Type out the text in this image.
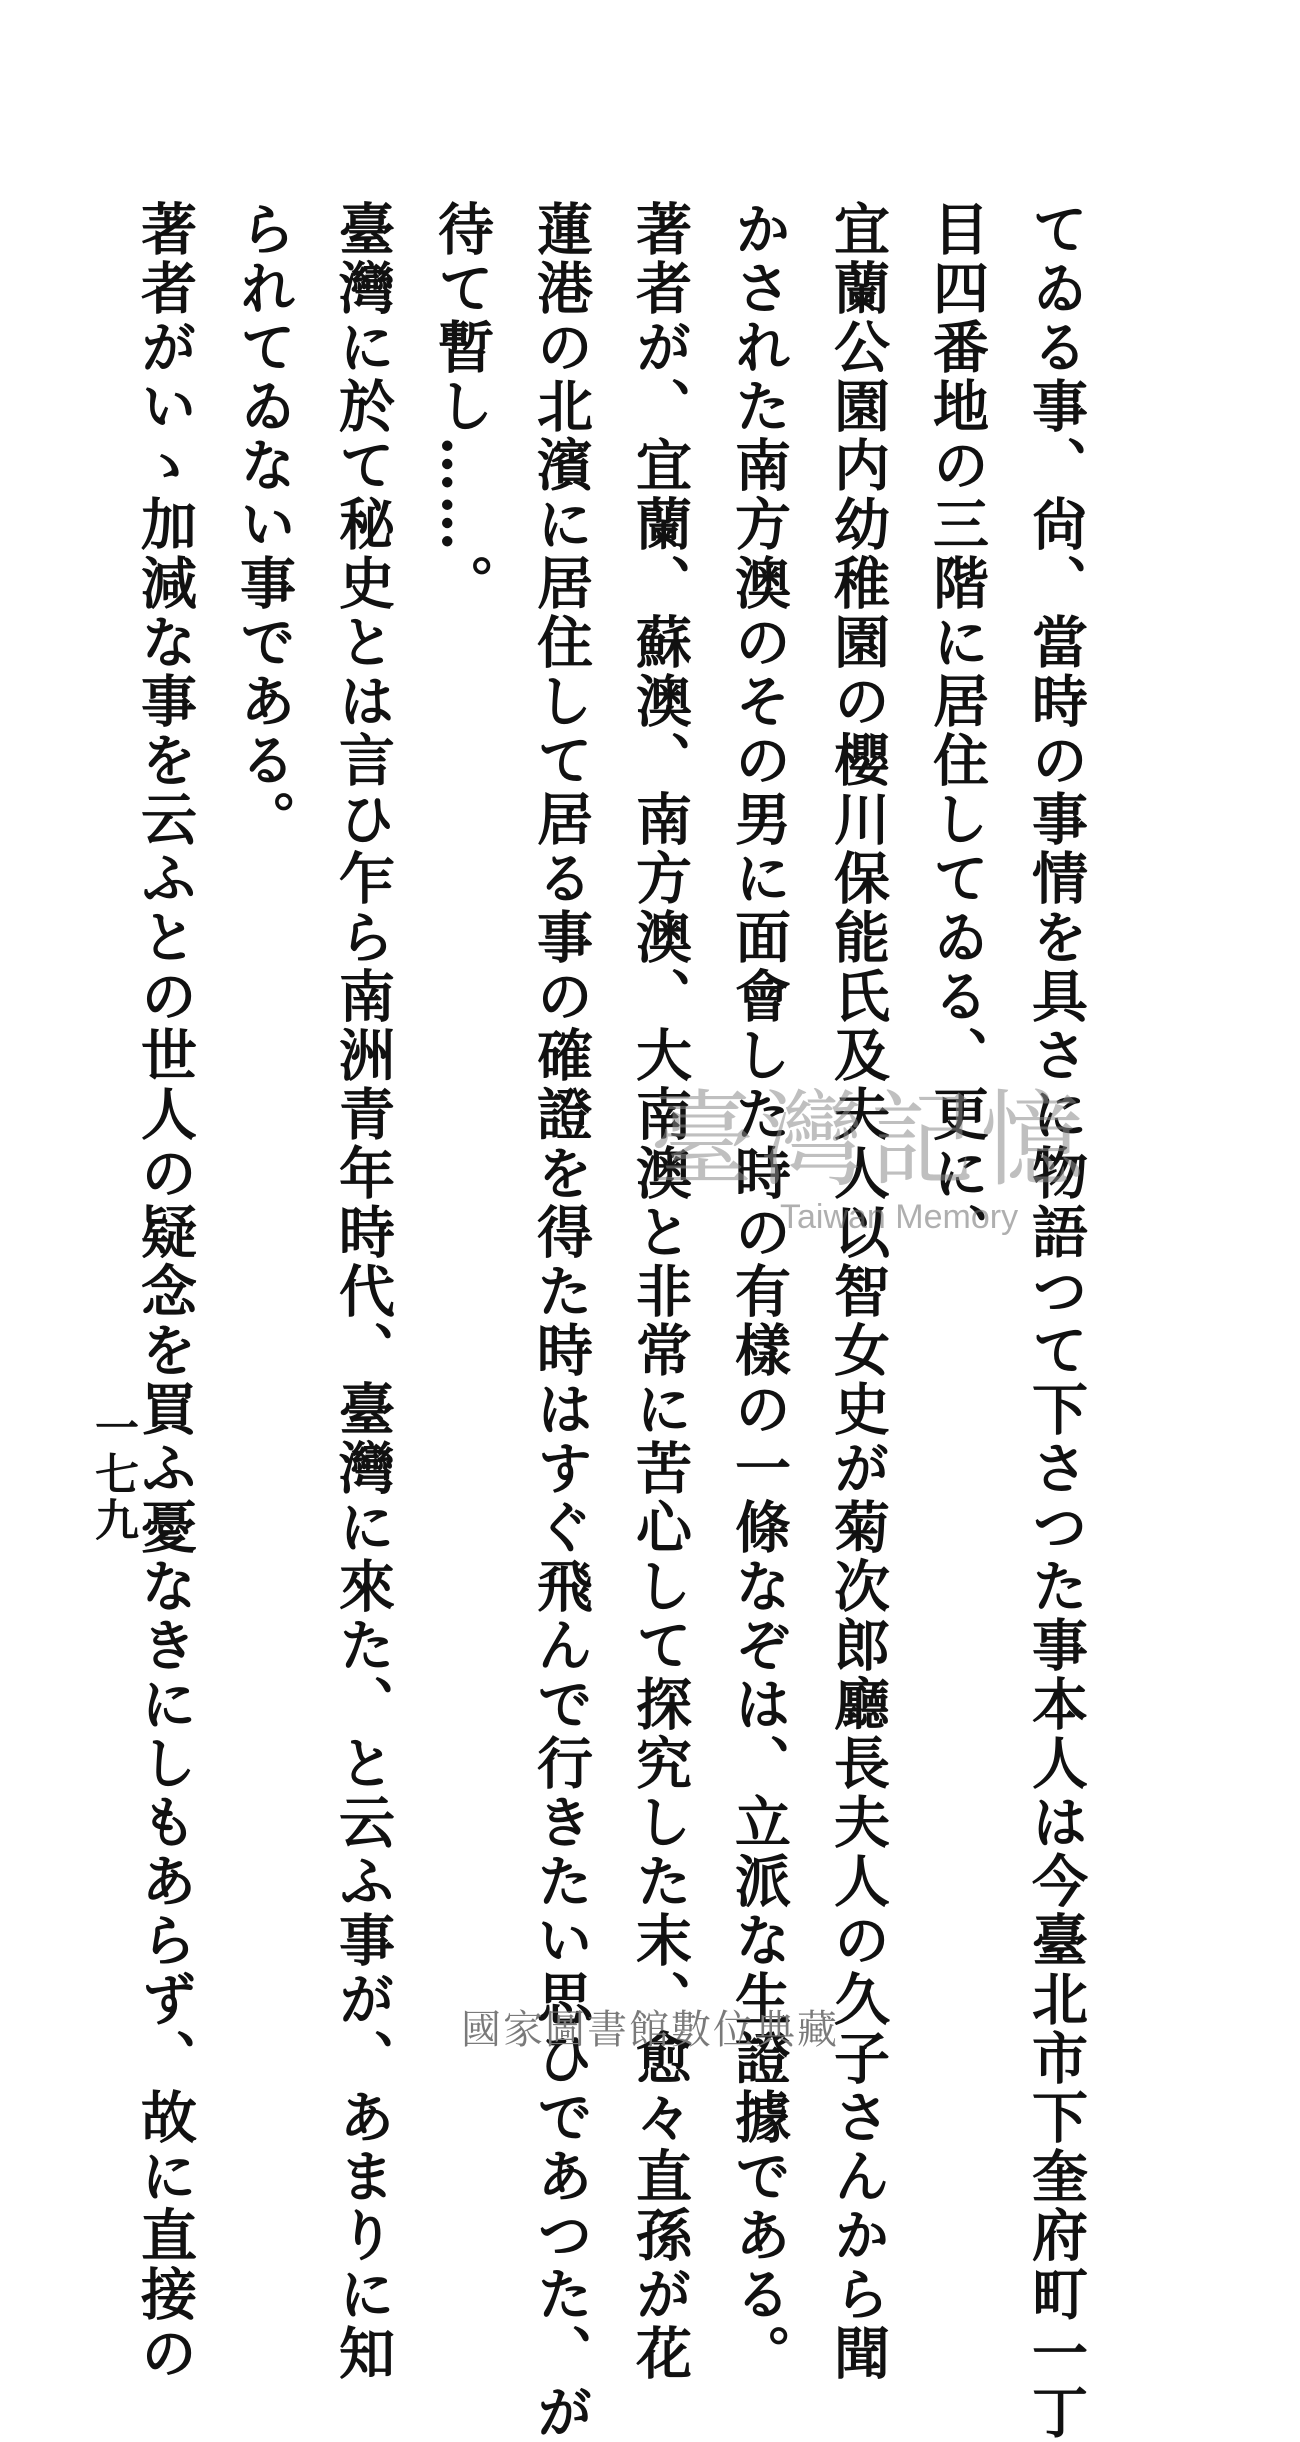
てゐる事、尙、當時の事情を具さに物語つて下さつた事本人は今臺北市下奎府町一丁
目四番地の三階に居住してゐる、更に、
宜蘭公園内幼稚園の櫻川保能氏及夫人以智女史が菊次郎廳長夫人の久子さんから聞
かされた南方澳のその男に面會した時の有樣の一條なぞは、立派な生證據である。
著者が、宜蘭、蘇澳、南方澳、大南澳と非常に苦心して探究した末、愈々直孫が花
蓮港の北濱に居住して居る事の確證を得た時はすぐ飛んで行きたい思ひであつた、が
待て暫し……。
臺灣に於て秘史とは言ひ乍ら南洲青年時代、臺灣に來た、と云ふ事が、あまりに知
られてゐない事である。
著者がいゝ加減な事を云ふとの世人の疑念を買ふ憂なきにしもあらず、故に直接の
一七九
臺灣記憶
Taiwan Memory
國家圖書館數位典藏
